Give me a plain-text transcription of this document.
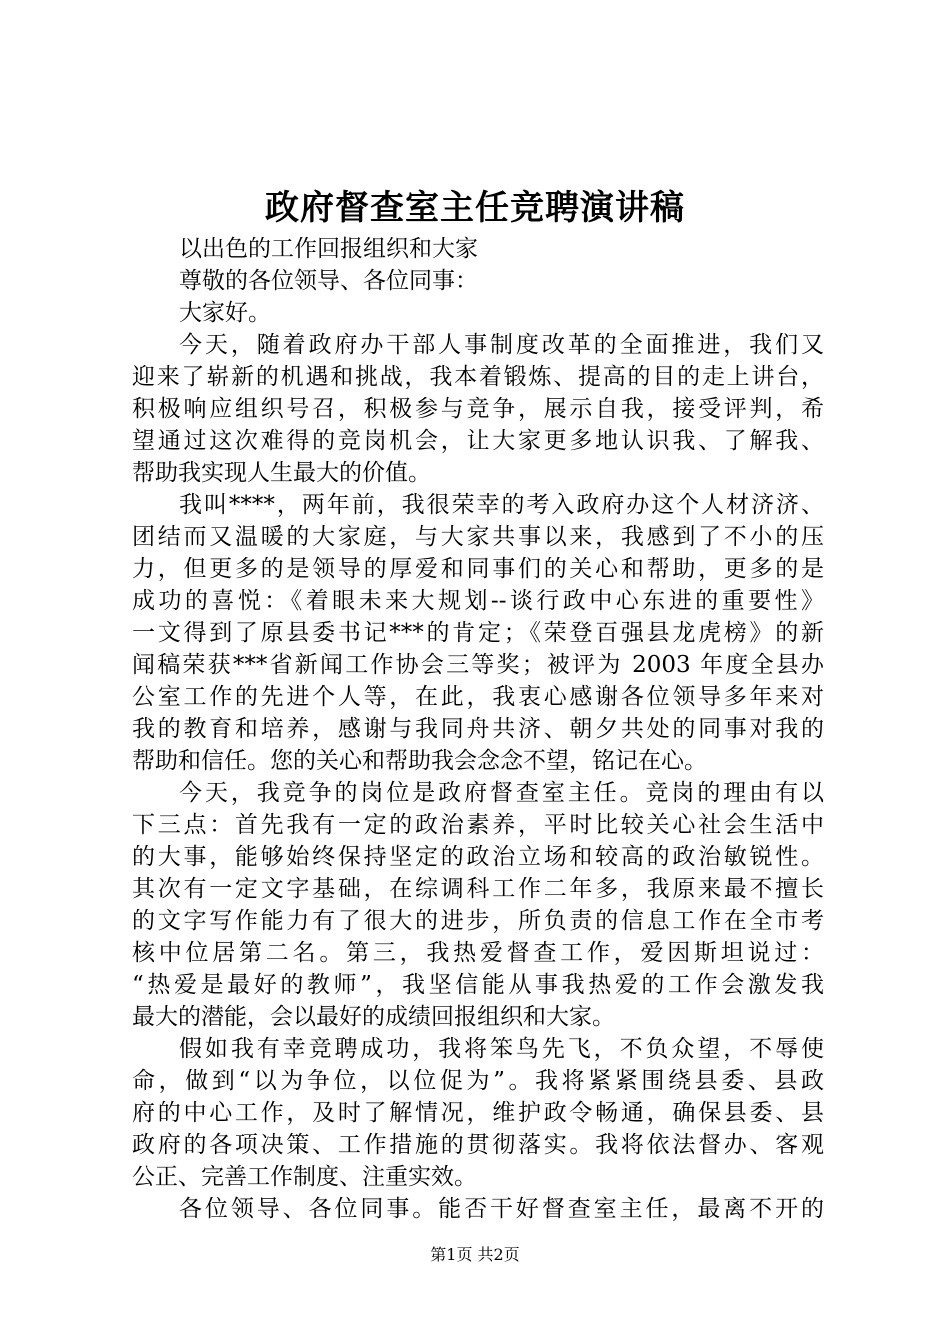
政府督查室主任竞聘演讲稿
以出色的工作回报组织和大家
尊敬的各位领导、各位同事：
大家好。
今天，随着政府办干部人事制度改革的全面推进，我们又
迎来了崭新的机遇和挑战，我本着锻炼、提高的目的走上讲台，
积极响应组织号召，积极参与竞争，展示自我，接受评判，希
望通过这次难得的竞岗机会，让大家更多地认识我、了解我、
帮助我实现人生最大的价值。
我叫****，两年前，我很荣幸的考入政府办这个人材济济、
团结而又温暖的大家庭，与大家共事以来，我感到了不小的压
力，但更多的是领导的厚爱和同事们的关心和帮助，更多的是
成功的喜悦：《着眼未来大规划--谈行政中心东进的重要性》
一文得到了原县委书记***的肯定；《荣登百强县龙虎榜》的新
闻稿荣获***省新闻工作协会三等奖；被评为 2003 年度全县办
公室工作的先进个人等，在此，我衷心感谢各位领导多年来对
我的教育和培养，感谢与我同舟共济、朝夕共处的同事对我的
帮助和信任。您的关心和帮助我会念念不望，铭记在心。
今天，我竞争的岗位是政府督查室主任。竞岗的理由有以
下三点：首先我有一定的政治素养，平时比较关心社会生活中
的大事，能够始终保持坚定的政治立场和较高的政治敏锐性。
其次有一定文字基础，在综调科工作二年多，我原来最不擅长
的文字写作能力有了很大的进步，所负责的信息工作在全市考
核中位居第二名。第三，我热爱督查工作，爱因斯坦说过：
“热爱是最好的教师”，我坚信能从事我热爱的工作会激发我
最大的潜能，会以最好的成绩回报组织和大家。
假如我有幸竞聘成功，我将笨鸟先飞，不负众望，不辱使
命，做到“以为争位，以位促为”。我将紧紧围绕县委、县政
府的中心工作，及时了解情况，维护政令畅通，确保县委、县
政府的各项决策、工作措施的贯彻落实。我将依法督办、客观
公正、完善工作制度、注重实效。
各位领导、各位同事。能否干好督查室主任，最离不开的
第1页 共2页
